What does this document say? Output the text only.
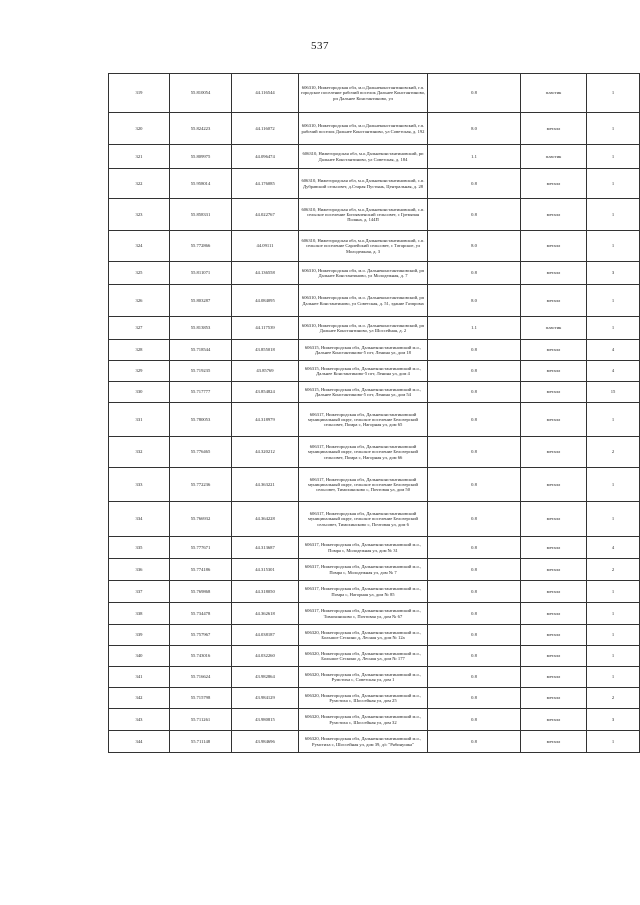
537
319	55.810054	44.116544	606310, Нижегородская обл, м.о.Дальнеконстантиновский, г.п. городское поселение рабочий поселок Дальнее Константиново, рп Дальнее Константиново, ул	0.8	пластик	1
320	55.824223	44.116072	606310, Нижегородская обл, м.о.Дальнеконстантиновский, г.п. рабочий поселок Дальнее Константиново, ул Советская, д. 192	8.0	металл	1
321	55.809975	44.096474	606310, Нижегородская обл, м.о.Дальнеконстантиновский, рп Дальнее Константиново, ул Советская, д. 184	1.1	пластик	1
322	55.958014	44.176085	606310, Нижегородская обл, м.о.Дальнеконстантиновский, с.п. Дубравский сельсовет, д.Старая Пустынь, Центральная, д. 28	0.8	металл	1
323	55.858331	44.022767	606310, Нижегородская обл, м.о.Дальнеконстантиновский, с.п. сельское поселение Богоявленский сельсовет, с Гремячая Поляна, д. 144П	0.8	металл	1
324	55.772866	44.09111	606310, Нижегородская обл, м.о.Дальнеконстантиновский, с.п. сельское поселение Сарлейский сельсовет, с Татарское, ул Молодежная, д. 3	8.0	металл	1
325	55.811071	44.136558	606310, Нижегородская обл, м.о. Дальнеконстантиновский, рп Дальнее Константиново, ул Молодежная, д. 7	0.8	металл	3
326	55.803287	44.084095	606310, Нижегородская обл, м.о. Дальнеконстантиновский, рп Дальнее Константиново, ул Советская, д. 51, здание Газпрома	8.0	металл	1
327	55.813853	44.117539	606310, Нижегородская обл, м.о. Дальнеконстантиновский, рп Дальнее Константиново, ул Шоссейная, д. 2	1.1	пластик	1
328	55.718544	43.855018	606315, Нижегородская обл, Дальнеконстантиновский м.о., Дальнее Константиново-5 пгт, Ленина ул, дом 18	0.8	металл	4
329	55.719235	43.85769	606315, Нижегородская обл, Дальнеконстантиновский м.о., Дальнее Константиново-5 пгт, Ленина ул, дом 4	0.8	металл	4
330	55.717777	43.854824	606315, Нижегородская обл, Дальнеконстантиновский м.о., Дальнее Константиново-5 пгт, Ленина ул, дом 54	0.8	металл	15
331	55.780053	44.318979	606317, Нижегородская обл, Дальнеконстантиновский муниципальный округ, сельское поселение Белозерский сельсовет, Помра с, Нагорная ул, дом 65	0.8	металл	1
332	55.776465	44.320212	606317, Нижегородская обл, Дальнеконстантиновский муниципальный округ, сельское поселение Белозерский сельсовет, Помра с, Нагорная ул, дом 66	0.8	металл	2
333	55.772236	44.363221	606317, Нижегородская обл, Дальнеконстантиновский муниципальный округ, сельское поселение Белозерский сельсовет, Тимохинсково с, Почтовая ул, дом 50	0.8	металл	1
334	55.766932	44.364228	606317, Нижегородская обл, Дальнеконстантиновский муниципальный округ, сельское поселение Белозерский сельсовет, Тимохинсково с, Почтовая ул, дом 6	0.8	металл	1
335	55.777671	44.313687	606317, Нижегородская обл, Дальнеконстантиновский м.о., Помра с, Молодежная ул, дом № 31	0.8	металл	4
336	55.774186	44.315301	606317, Нижегородская обл, Дальнеконстантиновский м.о., Помра с, Молодежная ул, дом № 7	0.8	металл	2
337	55.769868	44.318050	606317, Нижегородская обл, Дальнеконстантиновский м.о., Помра с, Нагорная ул, дом № 85	0.8	металл	1
338	55.734478	44.362618	606317, Нижегородская обл, Дальнеконстантиновский м.о., Тимохинсково с, Почтовая ул, дом № 67	0.8	металл	1
339	55.757967	44.038187	606320, Нижегородская обл, Дальнеконстантиновский м.о., Большое Сескино д, Лесная ул, дом № 12а	0.8	металл	1
340	55.743016	44.032260	606320, Нижегородская обл, Дальнеконстантиновский м.о., Большое Сескино д, Лесная ул, дом № 177	0.8	металл	1
341	55.716624	43.982864	606320, Нижегородская обл, Дальнеконстантиновский м.о., Румстиха с, Советская ул, дом 1	0.8	металл	1
342	55.715798	43.984129	606320, Нижегородская обл, Дальнеконстантиновский м.о., Румстиха с, Шоссейная ул, дом 25	0.8	металл	2
343	55.711261	43.980815	606320, Нижегородская обл, Дальнеконстантиновский м.о., Румстиха с, Шоссейная ул, дом 32	0.8	металл	3
344	55.711148	43.984696	606320, Нижегородская обл, Дальнеконстантиновский м.о., Румстиха с, Шоссейная ул, дом 39, д/с "Рябинушка"	0.8	металл	1
